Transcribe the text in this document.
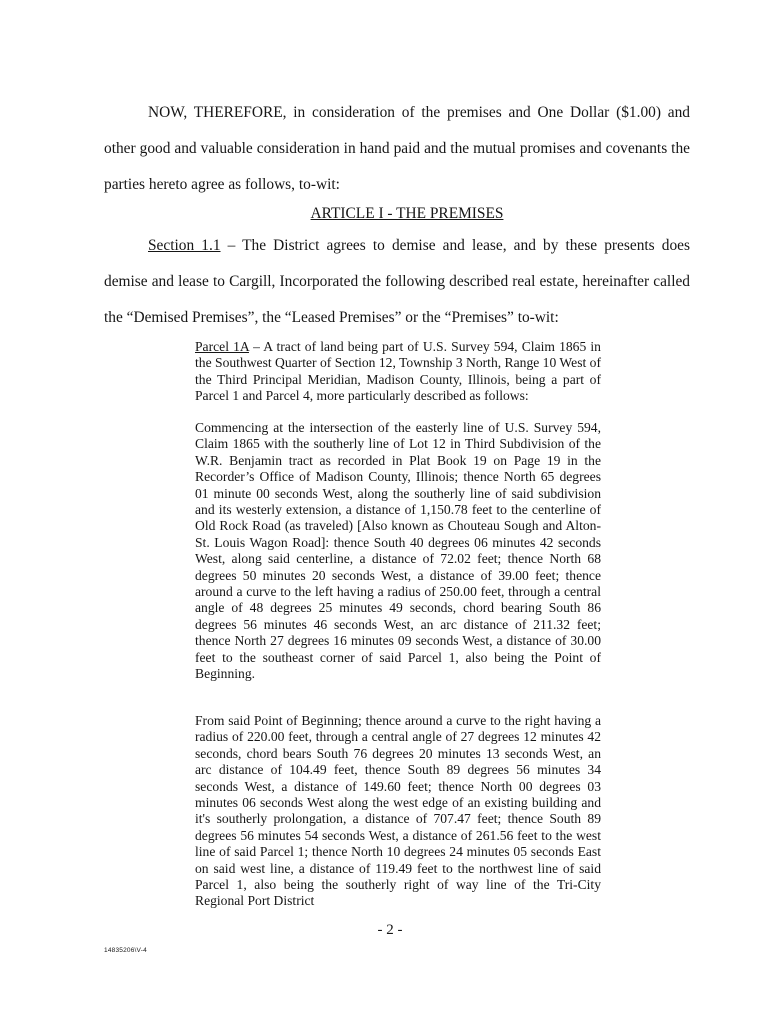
NOW, THEREFORE, in consideration of the premises and One Dollar ($1.00) and other good and valuable consideration in hand paid and the mutual promises and covenants the parties hereto agree as follows, to-wit:

ARTICLE I - THE PREMISES

Section 1.1 – The District agrees to demise and lease, and by these presents does demise and lease to Cargill, Incorporated the following described real estate, hereinafter called the “Demised Premises”, the “Leased Premises” or the “Premises” to-wit:

Parcel 1A – A tract of land being part of U.S. Survey 594, Claim 1865 in the Southwest Quarter of Section 12, Township 3 North, Range 10 West of the Third Principal Meridian, Madison County, Illinois, being a part of Parcel 1 and Parcel 4, more particularly described as follows:

Commencing at the intersection of the easterly line of U.S. Survey 594, Claim 1865 with the southerly line of Lot 12 in Third Subdivision of the W.R. Benjamin tract as recorded in Plat Book 19 on Page 19 in the Recorder’s Office of Madison County, Illinois; thence North 65 degrees 01 minute 00 seconds West, along the southerly line of said subdivision and its westerly extension, a distance of 1,150.78 feet to the centerline of Old Rock Road (as traveled) [Also known as Chouteau Sough and Alton-St. Louis Wagon Road]: thence South 40 degrees 06 minutes 42 seconds West, along said centerline, a distance of 72.02 feet; thence North 68 degrees 50 minutes 20 seconds West, a distance of 39.00 feet; thence around a curve to the left having a radius of 250.00 feet, through a central angle of 48 degrees 25 minutes 49 seconds, chord bearing South 86 degrees 56 minutes 46 seconds West, an arc distance of 211.32 feet; thence North 27 degrees 16 minutes 09 seconds West, a distance of 30.00 feet to the southeast corner of said Parcel 1, also being the Point of Beginning.

From said Point of Beginning; thence around a curve to the right having a radius of 220.00 feet, through a central angle of 27 degrees 12 minutes 42 seconds, chord bears South 76 degrees 20 minutes 13 seconds West, an arc distance of 104.49 feet, thence South 89 degrees 56 minutes 34 seconds West, a distance of 149.60 feet; thence North 00 degrees 03 minutes 06 seconds West along the west edge of an existing building and it's southerly prolongation, a distance of 707.47 feet; thence South 89 degrees 56 minutes 54 seconds West, a distance of 261.56 feet to the west line of said Parcel 1; thence North 10 degrees 24 minutes 05 seconds East on said west line, a distance of 119.49 feet to the northwest line of said Parcel 1, also being the southerly right of way line of the Tri-City Regional Port District

- 2 -

14835206\V-4
